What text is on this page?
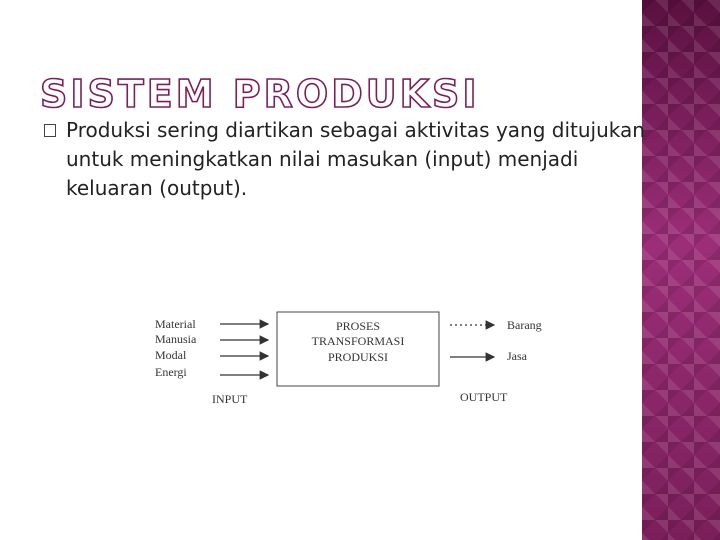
SISTEM PRODUKSI
Produksi sering diartikan sebagai aktivitas yang ditujukan untuk meningkatkan nilai masukan (input) menjadi keluaran (output).
Material
Manusia
Modal
Energi
PROSES
TRANSFORMASI
PRODUKSI
Barang
Jasa
INPUT	OUTPUT
